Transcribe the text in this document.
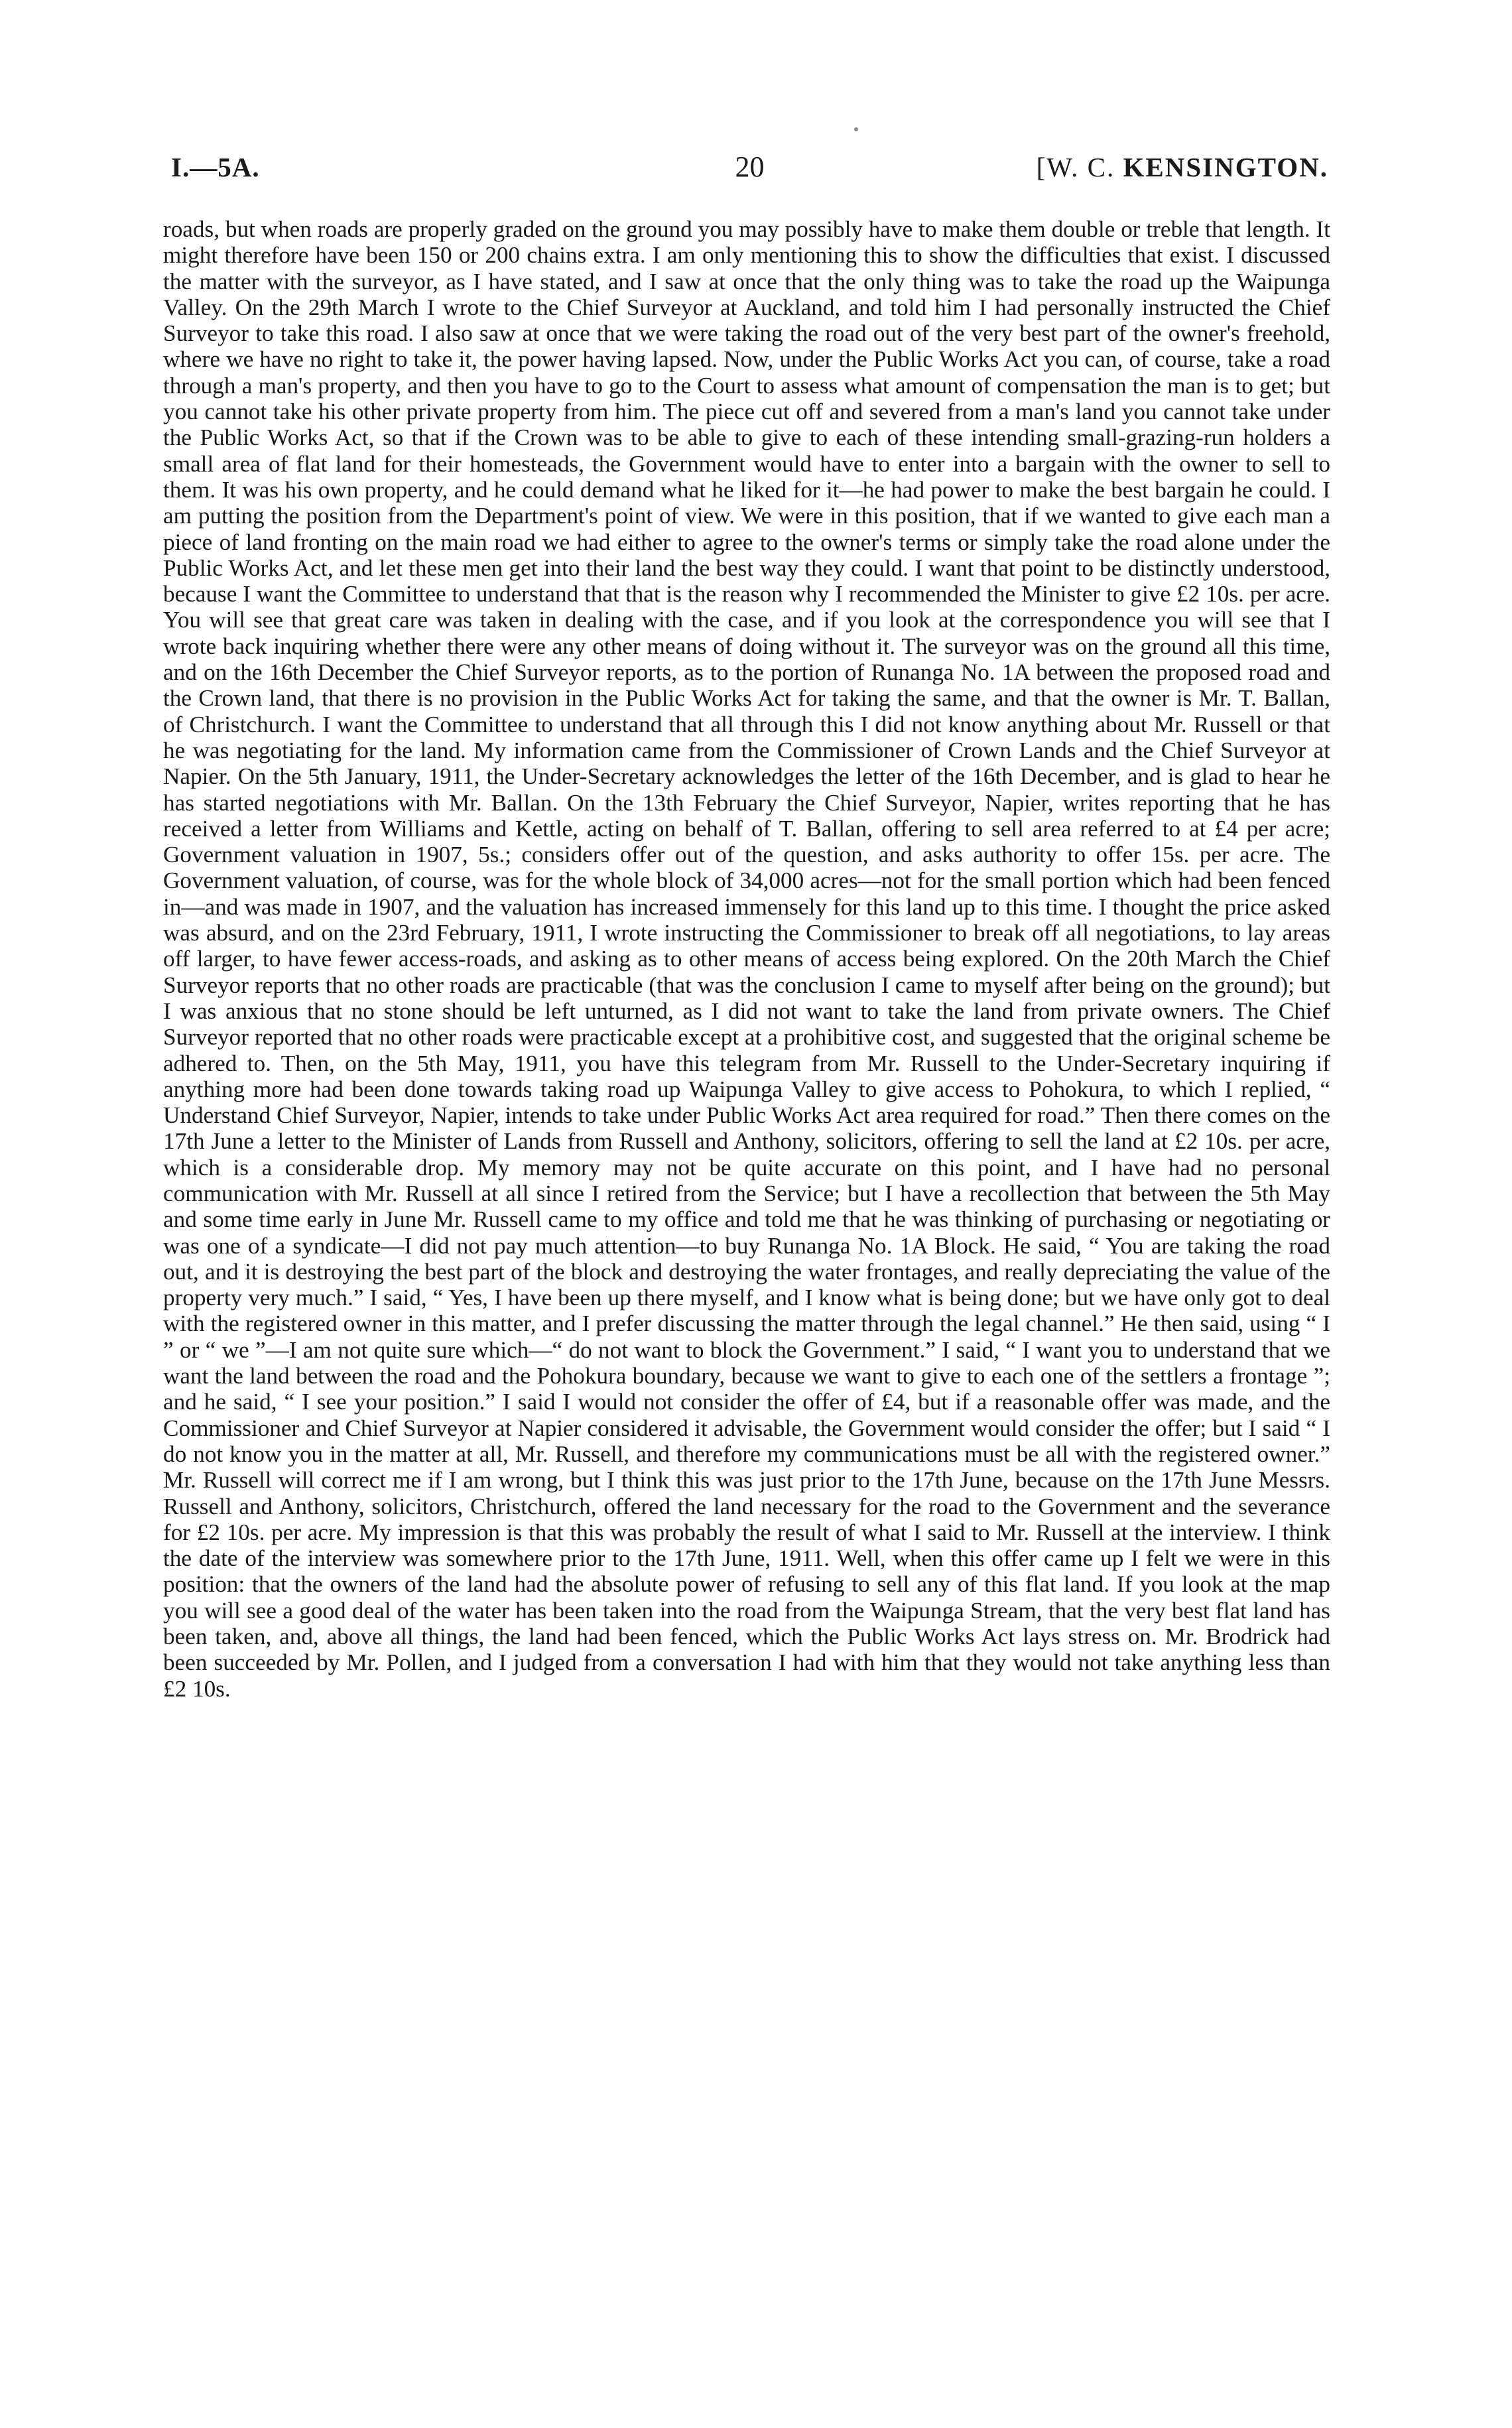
I.—5A.	20	[W. C. KENSINGTON.

roads, but when roads are properly graded on the ground you may possibly have to make them double or treble that length. It might therefore have been 150 or 200 chains extra. I am only mentioning this to show the difficulties that exist. I discussed the matter with the surveyor, as I have stated, and I saw at once that the only thing was to take the road up the Waipunga Valley. On the 29th March I wrote to the Chief Surveyor at Auckland, and told him I had personally instructed the Chief Surveyor to take this road. I also saw at once that we were taking the road out of the very best part of the owner's freehold, where we have no right to take it, the power having lapsed. Now, under the Public Works Act you can, of course, take a road through a man's property, and then you have to go to the Court to assess what amount of compensation the man is to get; but you cannot take his other private property from him. The piece cut off and severed from a man's land you cannot take under the Public Works Act, so that if the Crown was to be able to give to each of these intending small-grazing-run holders a small area of flat land for their homesteads, the Government would have to enter into a bargain with the owner to sell to them. It was his own property, and he could demand what he liked for it—he had power to make the best bargain he could. I am putting the position from the Department's point of view. We were in this position, that if we wanted to give each man a piece of land fronting on the main road we had either to agree to the owner's terms or simply take the road alone under the Public Works Act, and let these men get into their land the best way they could. I want that point to be distinctly understood, because I want the Committee to understand that that is the reason why I recommended the Minister to give £2 10s. per acre. You will see that great care was taken in dealing with the case, and if you look at the correspondence you will see that I wrote back inquiring whether there were any other means of doing without it. The surveyor was on the ground all this time, and on the 16th December the Chief Surveyor reports, as to the portion of Runanga No. 1A between the proposed road and the Crown land, that there is no provision in the Public Works Act for taking the same, and that the owner is Mr. T. Ballan, of Christchurch. I want the Committee to understand that all through this I did not know anything about Mr. Russell or that he was negotiating for the land. My information came from the Commissioner of Crown Lands and the Chief Surveyor at Napier. On the 5th January, 1911, the Under-Secretary acknowledges the letter of the 16th December, and is glad to hear he has started negotiations with Mr. Ballan. On the 13th February the Chief Surveyor, Napier, writes reporting that he has received a letter from Williams and Kettle, acting on behalf of T. Ballan, offering to sell area referred to at £4 per acre; Government valuation in 1907, 5s.; considers offer out of the question, and asks authority to offer 15s. per acre. The Government valuation, of course, was for the whole block of 34,000 acres—not for the small portion which had been fenced in—and was made in 1907, and the valuation has increased immensely for this land up to this time. I thought the price asked was absurd, and on the 23rd February, 1911, I wrote instructing the Commissioner to break off all negotiations, to lay areas off larger, to have fewer access-roads, and asking as to other means of access being explored. On the 20th March the Chief Surveyor reports that no other roads are practicable (that was the conclusion I came to myself after being on the ground); but I was anxious that no stone should be left unturned, as I did not want to take the land from private owners. The Chief Surveyor reported that no other roads were practicable except at a prohibitive cost, and suggested that the original scheme be adhered to. Then, on the 5th May, 1911, you have this telegram from Mr. Russell to the Under-Secretary inquiring if anything more had been done towards taking road up Waipunga Valley to give access to Pohokura, to which I replied, “ Understand Chief Surveyor, Napier, intends to take under Public Works Act area required for road.” Then there comes on the 17th June a letter to the Minister of Lands from Russell and Anthony, solicitors, offering to sell the land at £2 10s. per acre, which is a considerable drop. My memory may not be quite accurate on this point, and I have had no personal communication with Mr. Russell at all since I retired from the Service; but I have a recollection that between the 5th May and some time early in June Mr. Russell came to my office and told me that he was thinking of purchasing or negotiating or was one of a syndicate—I did not pay much attention—to buy Runanga No. 1A Block. He said, “ You are taking the road out, and it is destroying the best part of the block and destroying the water frontages, and really depreciating the value of the property very much.” I said, “ Yes, I have been up there myself, and I know what is being done; but we have only got to deal with the registered owner in this matter, and I prefer discussing the matter through the legal channel.” He then said, using “ I ” or “ we ”—I am not quite sure which—“ do not want to block the Government.” I said, “ I want you to understand that we want the land between the road and the Pohokura boundary, because we want to give to each one of the settlers a frontage ”; and he said, “ I see your position.” I said I would not consider the offer of £4, but if a reasonable offer was made, and the Commissioner and Chief Surveyor at Napier considered it advisable, the Government would consider the offer; but I said “ I do not know you in the matter at all, Mr. Russell, and therefore my communications must be all with the registered owner.” Mr. Russell will correct me if I am wrong, but I think this was just prior to the 17th June, because on the 17th June Messrs. Russell and Anthony, solicitors, Christchurch, offered the land necessary for the road to the Government and the severance for £2 10s. per acre. My impression is that this was probably the result of what I said to Mr. Russell at the interview. I think the date of the interview was somewhere prior to the 17th June, 1911. Well, when this offer came up I felt we were in this position: that the owners of the land had the absolute power of refusing to sell any of this flat land. If you look at the map you will see a good deal of the water has been taken into the road from the Waipunga Stream, that the very best flat land has been taken, and, above all things, the land had been fenced, which the Public Works Act lays stress on. Mr. Brodrick had been succeeded by Mr. Pollen, and I judged from a conversation I had with him that they would not take anything less than £2 10s.
